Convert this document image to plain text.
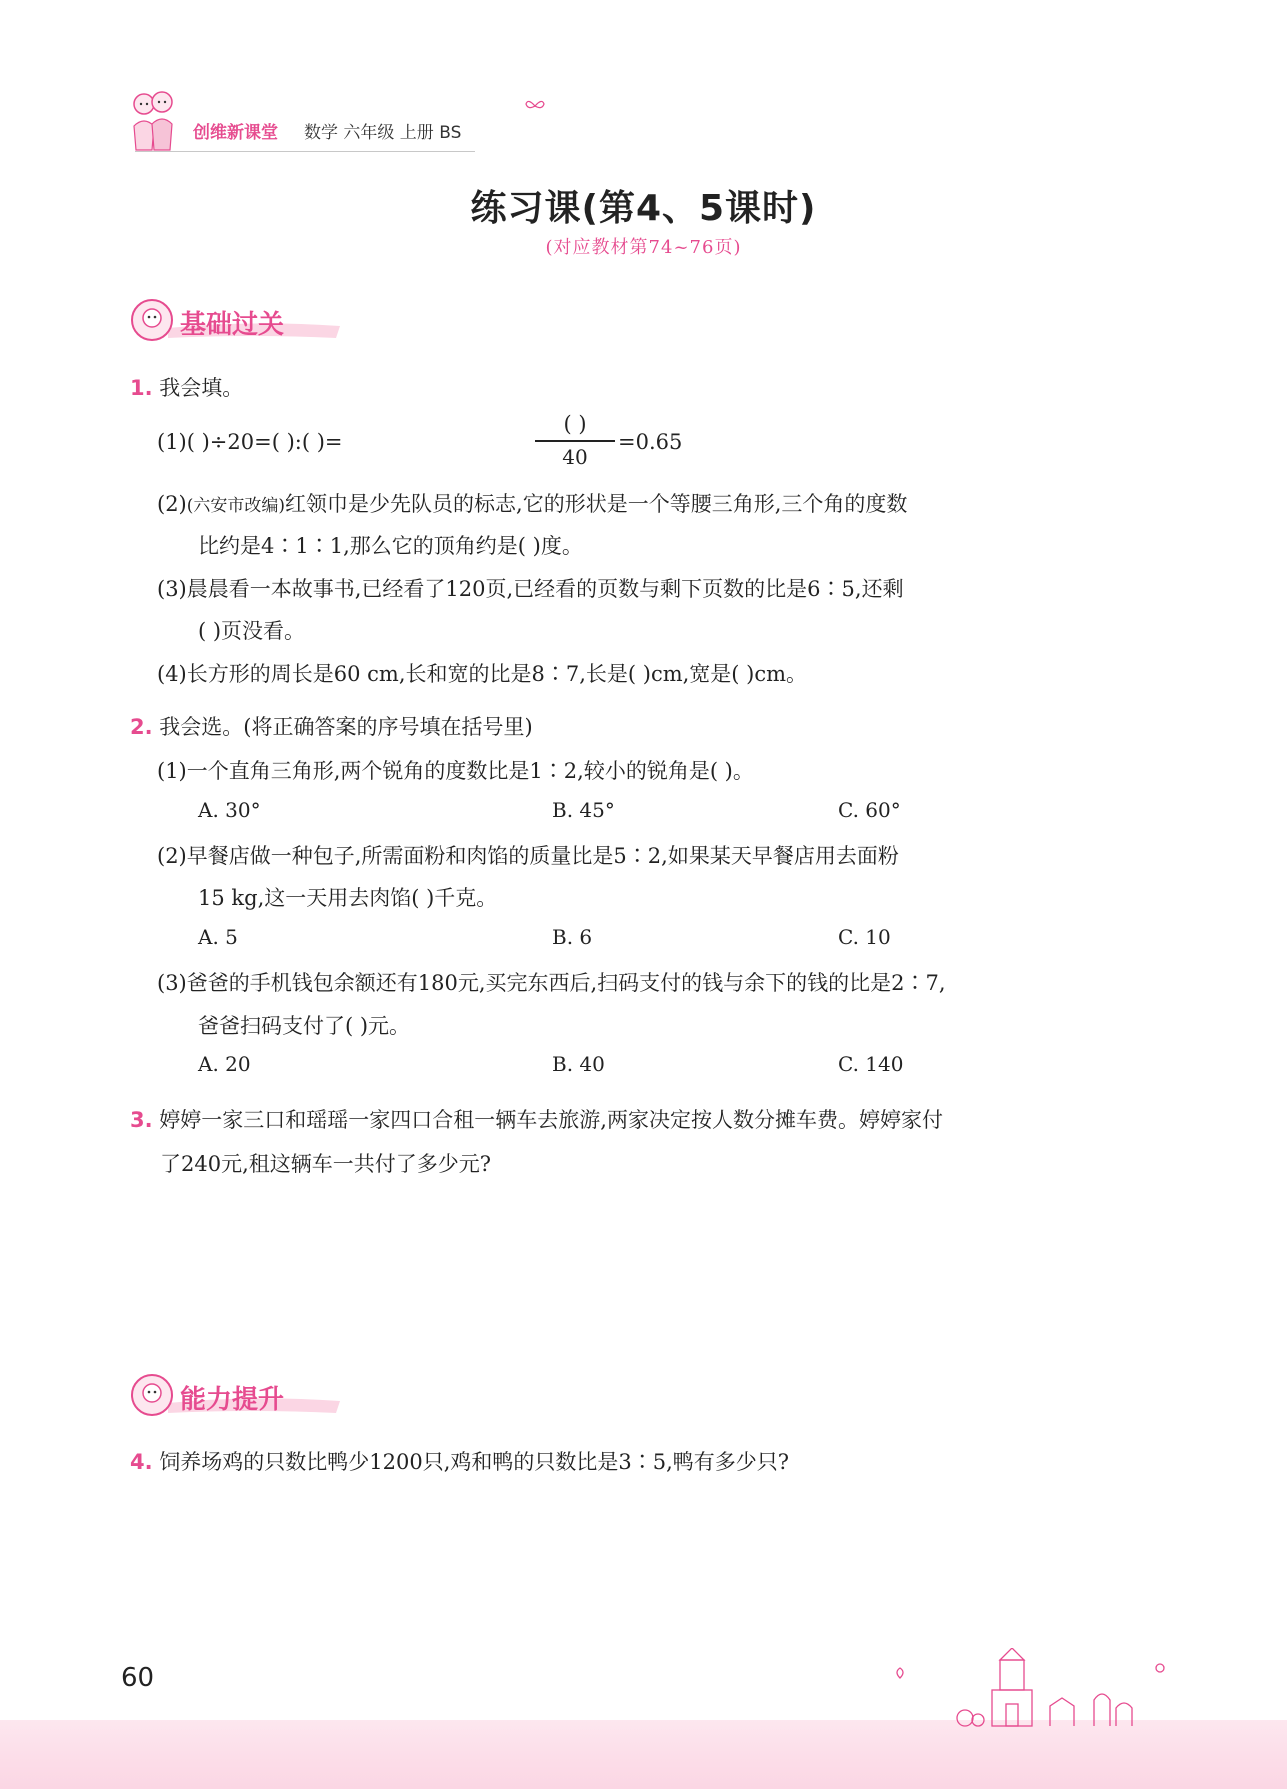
创维新课堂 数学 六年级 上册 BS
练习课(第4、5课时)
(对应教材第74~76页)
基础过关
1. 我会填。
(1)( )÷20=( ):( )=
( )
40
=0.65
(2)(六安市改编)红领巾是少先队员的标志,它的形状是一个等腰三角形,三个角的度数
比约是4∶1∶1,那么它的顶角约是( )度。
(3)晨晨看一本故事书,已经看了120页,已经看的页数与剩下页数的比是6∶5,还剩
( )页没看。
(4)长方形的周长是60 cm,长和宽的比是8∶7,长是( )cm,宽是( )cm。
2. 我会选。(将正确答案的序号填在括号里)
(1)一个直角三角形,两个锐角的度数比是1∶2,较小的锐角是( )。
A. 30°	B. 45°	C. 60°
(2)早餐店做一种包子,所需面粉和肉馅的质量比是5∶2,如果某天早餐店用去面粉
15 kg,这一天用去肉馅( )千克。
A. 5	B. 6	C. 10
(3)爸爸的手机钱包余额还有180元,买完东西后,扫码支付的钱与余下的钱的比是2∶7,
爸爸扫码支付了( )元。
A. 20	B. 40	C. 140
3. 婷婷一家三口和瑶瑶一家四口合租一辆车去旅游,两家决定按人数分摊车费。婷婷家付
了240元,租这辆车一共付了多少元?
能力提升
4. 饲养场鸡的只数比鸭少1200只,鸡和鸭的只数比是3∶5,鸭有多少只?
60
